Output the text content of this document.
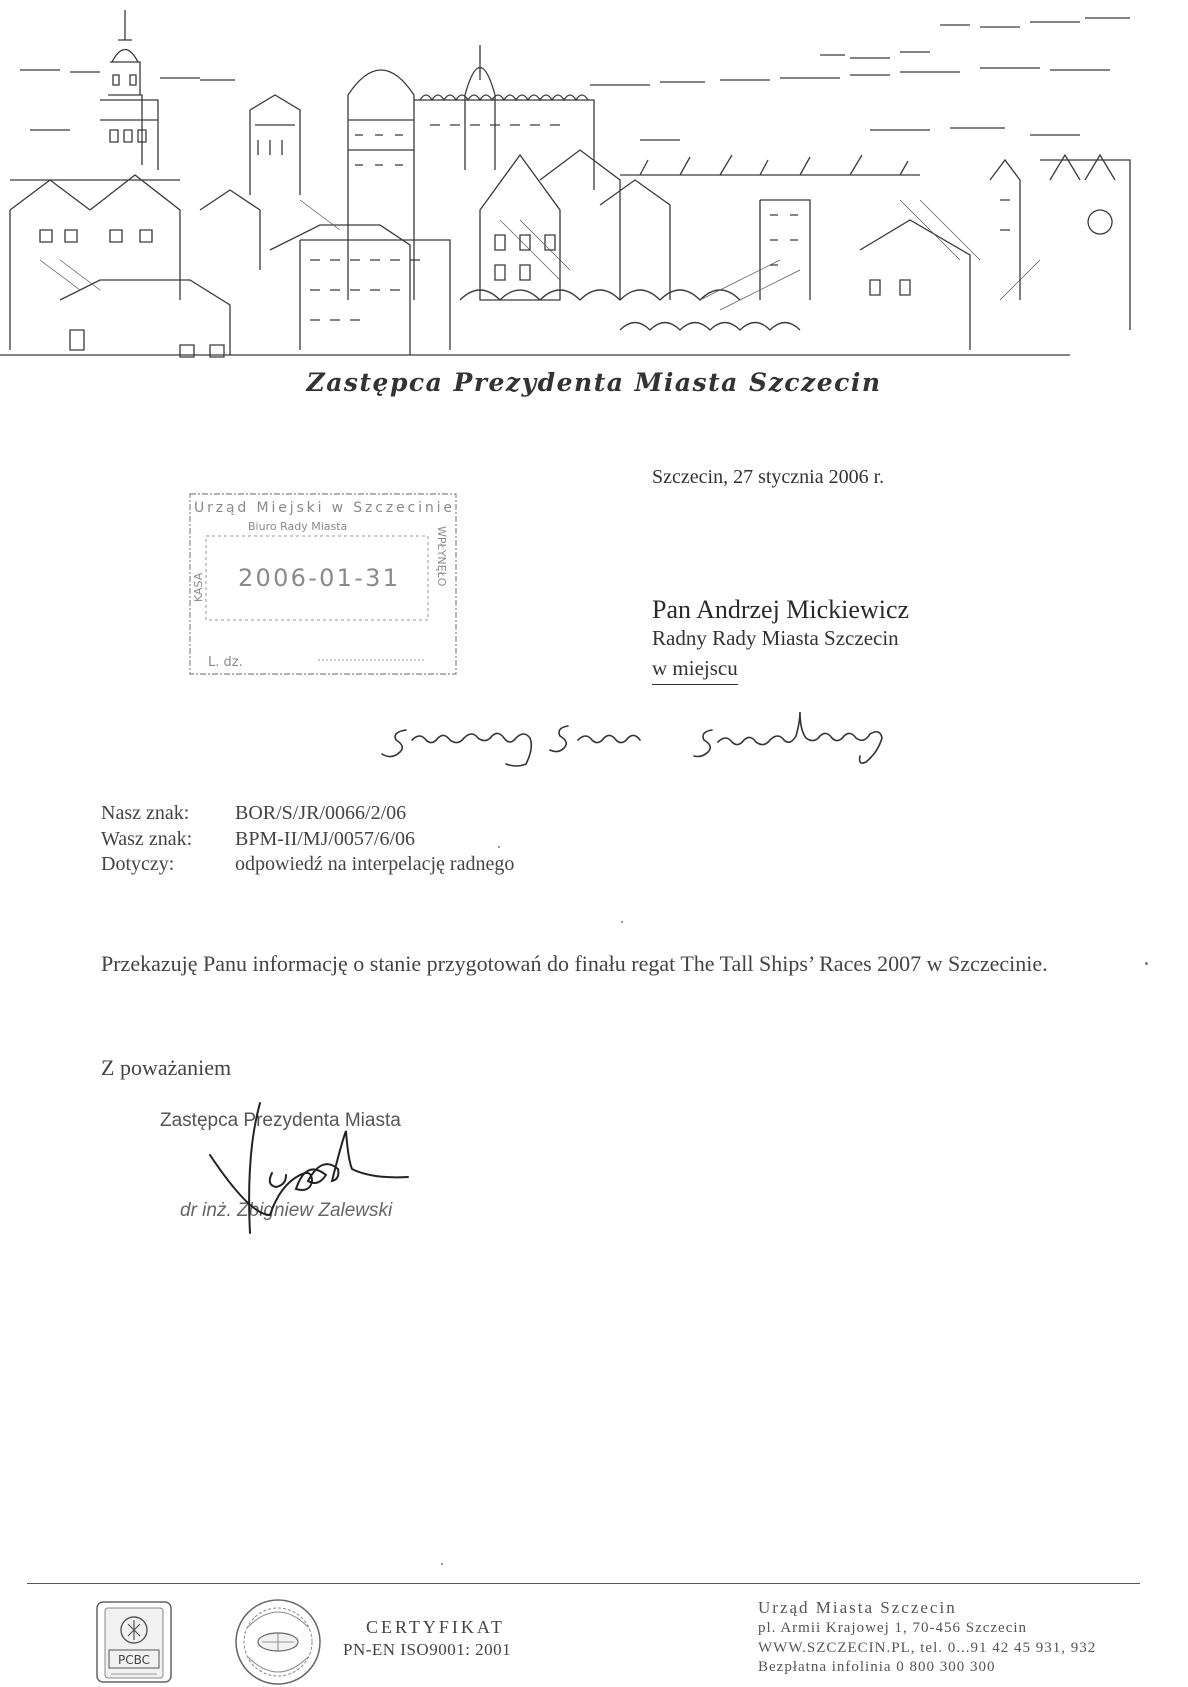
Zastępca Prezydenta Miasta Szczecin
Urząd Miejski w Szczecinie
Biuro Rady Miasta
KASA
WPŁYNĘŁO
2006-01-31
L. dz.
Szczecin, 27 stycznia 2006 r.
Pan Andrzej Mickiewicz
Radny Rady Miasta Szczecin
w miejscu
Nasz znak: BOR/S/JR/0066/2/06
Wasz znak: BPM-II/MJ/0057/6/06
Dotyczy:	odpowiedź na interpelację radnego
Przekazuję Panu informację o stanie przygotowań do finału regat The Tall Ships’ Races 2007 w Szczecinie.
Z poważaniem
Zastępca Prezydenta Miasta
dr inż. Zbigniew Zalewski
PCBC
CERTYFIKAT
PN-EN ISO9001: 2001
Urząd Miasta Szczecin
pl. Armii Krajowej 1, 70-456 Szczecin
WWW.SZCZECIN.PL, tel. 0...91 42 45 931, 932
Bezpłatna infolinia 0 800 300 300
